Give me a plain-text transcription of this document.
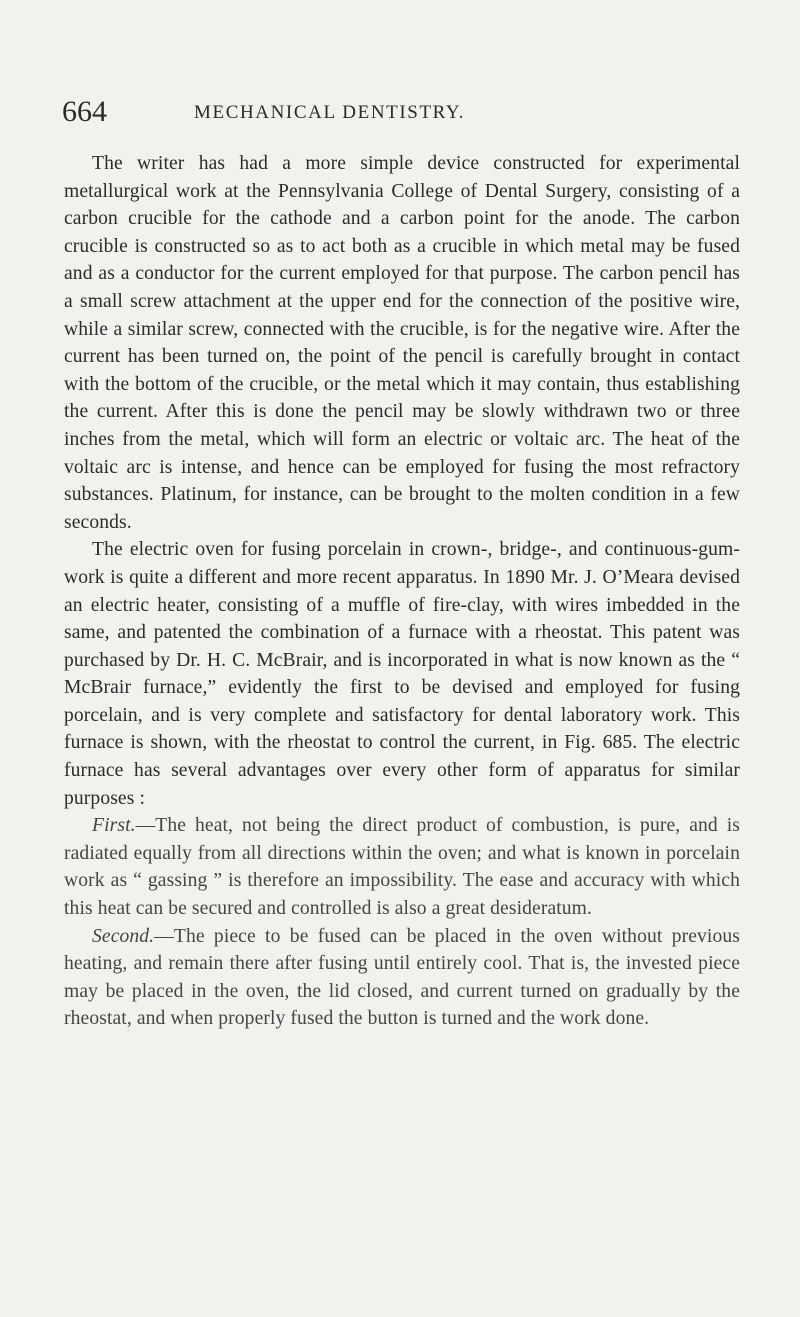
664	MECHANICAL DENTISTRY.

The writer has had a more simple device constructed for experimental metallurgical work at the Pennsylvania College of Dental Surgery, consisting of a carbon crucible for the cathode and a carbon point for the anode. The carbon crucible is constructed so as to act both as a crucible in which metal may be fused and as a conductor for the current employed for that purpose. The carbon pencil has a small screw attachment at the upper end for the connection of the positive wire, while a similar screw, connected with the crucible, is for the negative wire. After the current has been turned on, the point of the pencil is carefully brought in contact with the bottom of the crucible, or the metal which it may contain, thus establishing the current. After this is done the pencil may be slowly withdrawn two or three inches from the metal, which will form an electric or voltaic arc. The heat of the voltaic arc is intense, and hence can be employed for fusing the most refractory substances. Platinum, for instance, can be brought to the molten condition in a few seconds.

The electric oven for fusing porcelain in crown-, bridge-, and continuous-gum-work is quite a different and more recent apparatus. In 1890 Mr. J. O’Meara devised an electric heater, consisting of a muffle of fire-clay, with wires imbedded in the same, and patented the combination of a furnace with a rheostat. This patent was purchased by Dr. H. C. McBrair, and is incorporated in what is now known as the “ McBrair furnace,” evidently the first to be devised and employed for fusing porcelain, and is very complete and satisfactory for dental laboratory work. This furnace is shown, with the rheostat to control the current, in Fig. 685. The electric furnace has several advantages over every other form of apparatus for similar purposes :

First.—The heat, not being the direct product of combustion, is pure, and is radiated equally from all directions within the oven; and what is known in porcelain work as “ gassing ” is therefore an impossibility. The ease and accuracy with which this heat can be secured and controlled is also a great desideratum.

Second.—The piece to be fused can be placed in the oven without previous heating, and remain there after fusing until entirely cool. That is, the invested piece may be placed in the oven, the lid closed, and current turned on gradually by the rheostat, and when properly fused the button is turned and the work done.
